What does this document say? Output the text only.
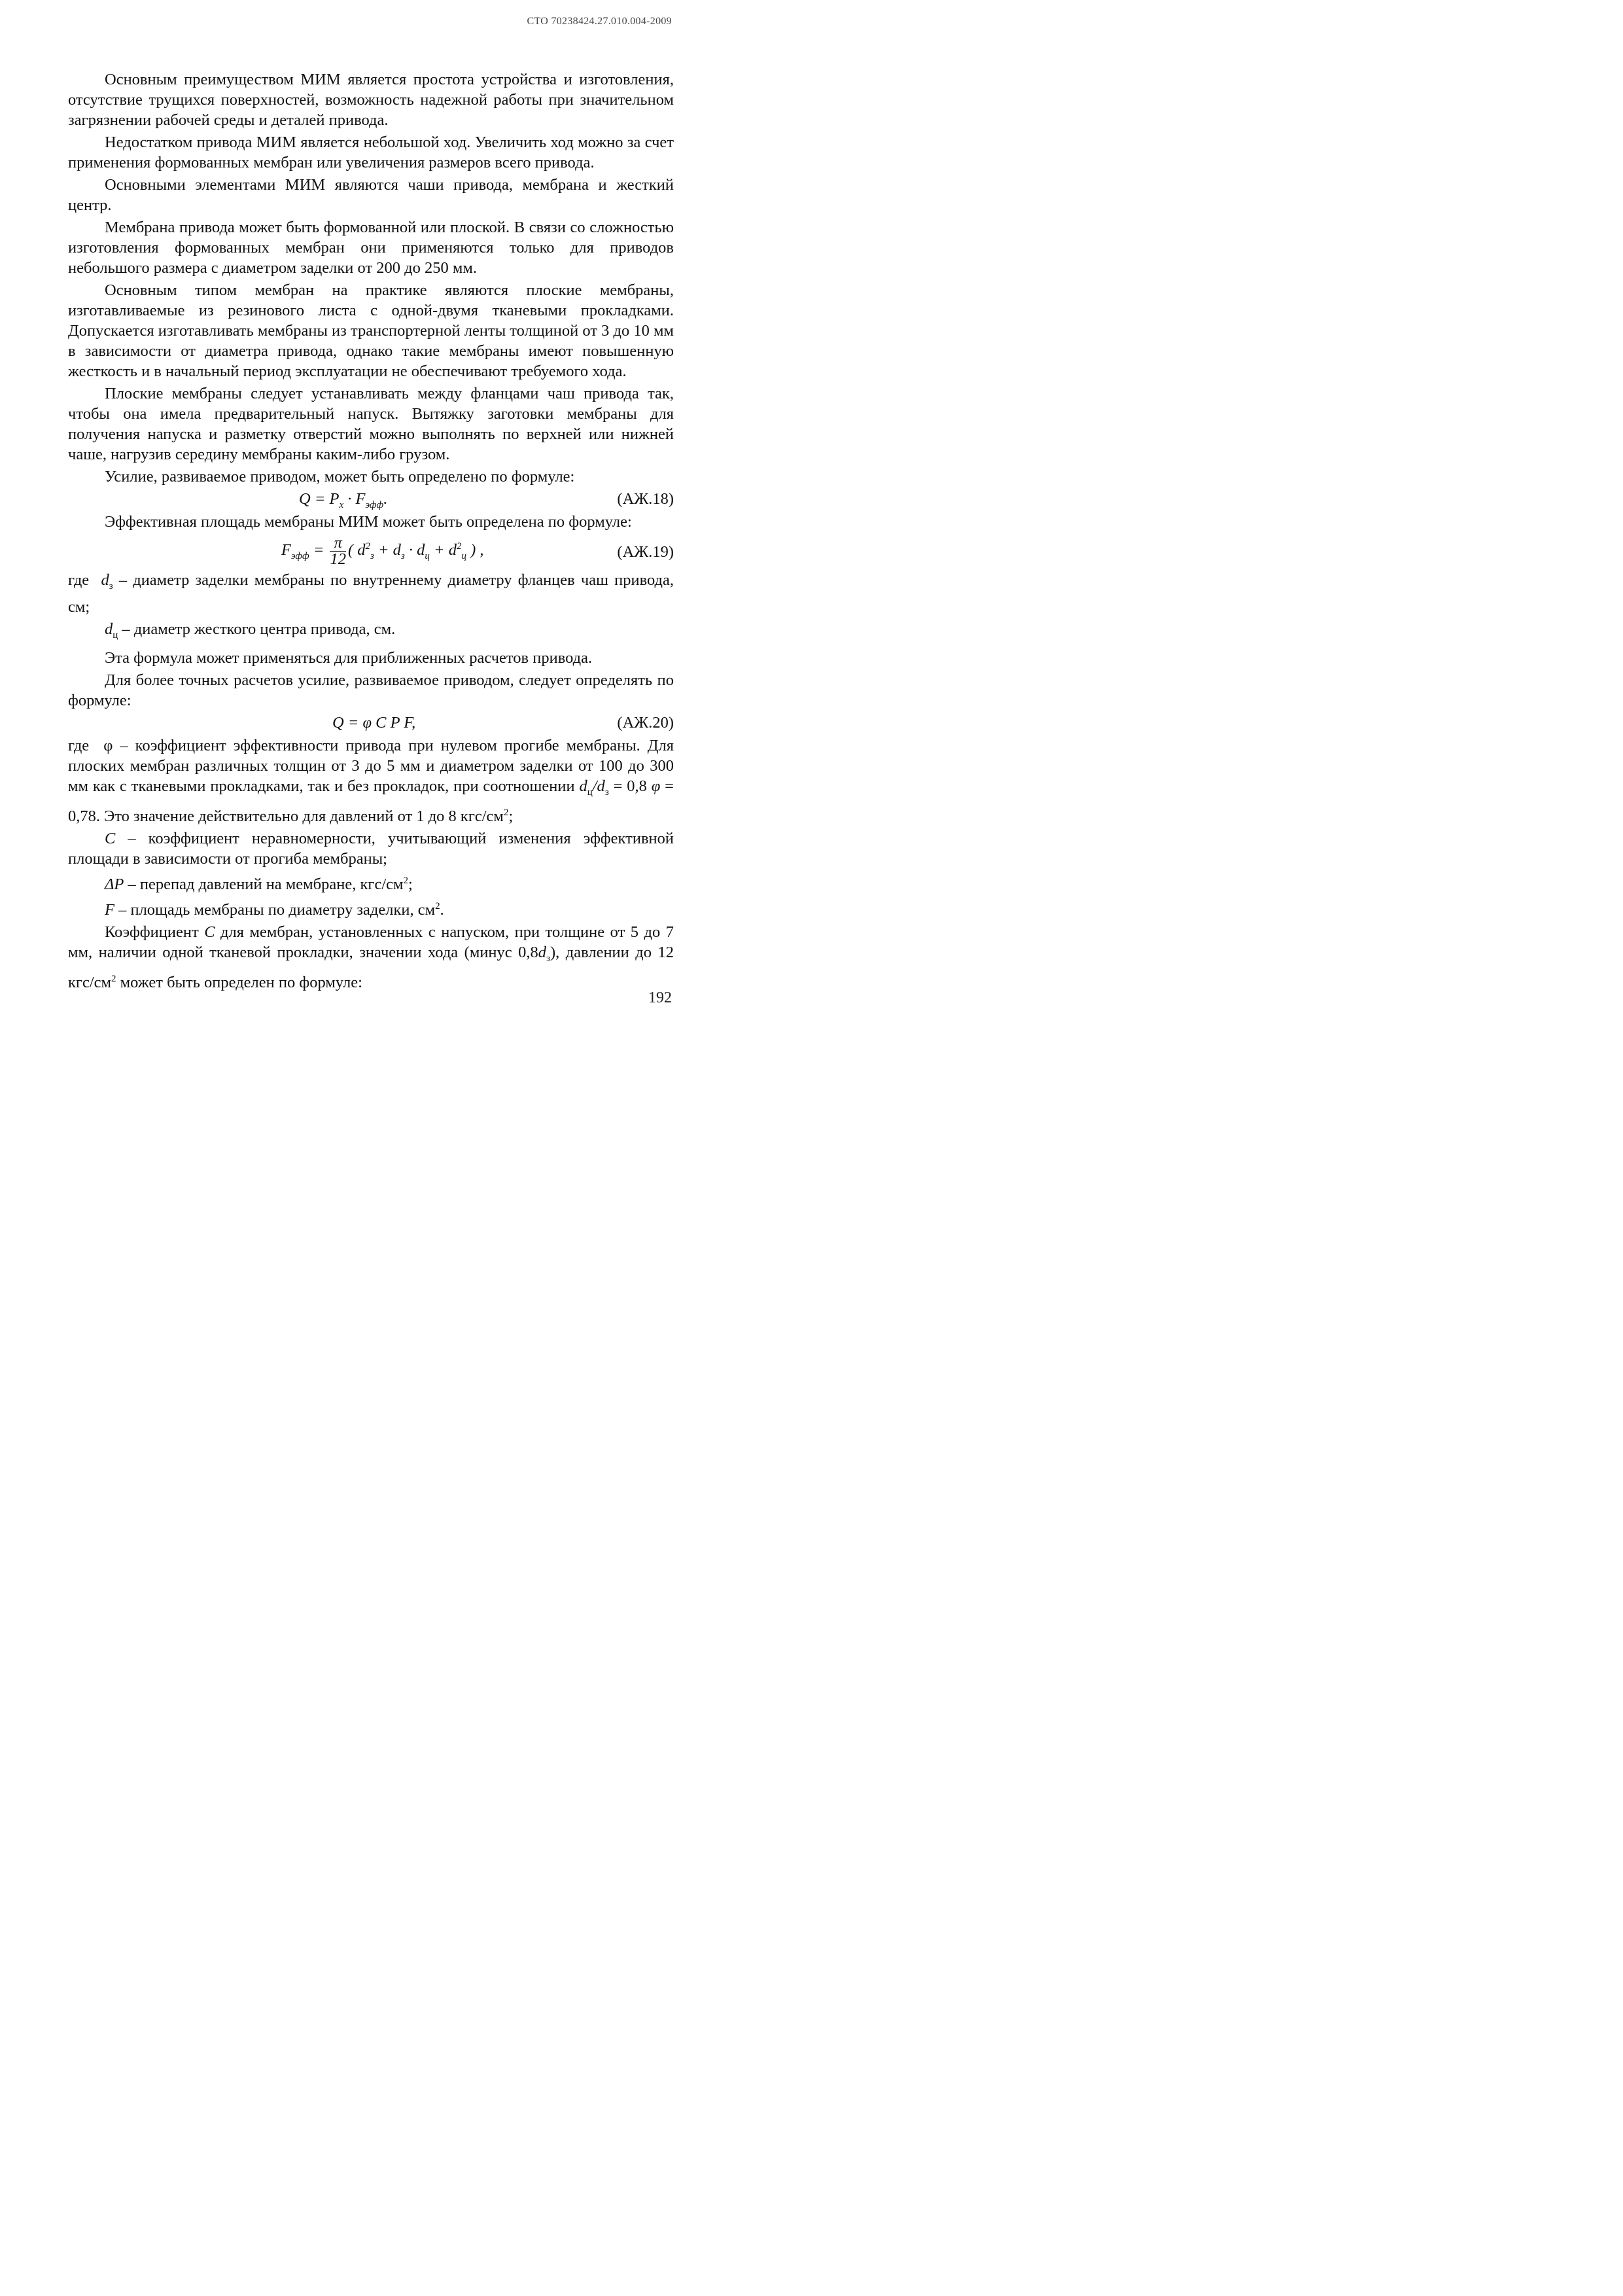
СТО 70238424.27.010.004-2009

Основным преимуществом МИМ является простота устройства и изготовления, отсутствие трущихся поверхностей, возможность надежной работы при значительном загрязнении рабочей среды и деталей привода.

Недостатком привода МИМ является небольшой ход. Увеличить ход можно за счет применения формованных мембран или увеличения размеров всего привода.

Основными элементами МИМ являются чаши привода, мембрана и жесткий центр.

Мембрана привода может быть формованной или плоской. В связи со сложностью изготовления формованных мембран они применяются только для приводов небольшого размера с диаметром заделки от 200 до 250 мм.

Основным типом мембран на практике являются плоские мембраны, изготавливаемые из резинового листа с одной-двумя тканевыми прокладками. Допускается изготавливать мембраны из транспортерной ленты толщиной от 3 до 10 мм в зависимости от диаметра привода, однако такие мембраны имеют повышенную жесткость и в начальный период эксплуатации не обеспечивают требуемого хода.

Плоские мембраны следует устанавливать между фланцами чаш привода так, чтобы она имела предварительный напуск. Вытяжку заготовки мембраны для получения напуска и разметку отверстий можно выполнять по верхней или нижней чаше, нагрузив середину мембраны каким-либо грузом.

Усилие, развиваемое приводом, может быть определено по формуле:

$Q = P_x \cdot F_{эфф}$.	(АЖ.18)

Эффективная площадь мембраны МИМ может быть определена по формуле:

$F_{эфф} = \frac{\pi}{12}$ ( $d^2_з + d_з \cdot d_ц + d^2_ц$ ) ,	(АЖ.19)

где $d_з$ – диаметр заделки мембраны по внутреннему диаметру фланцев чаш привода, см;

$d_ц$ – диаметр жесткого центра привода, см.

Эта формула может применяться для приближенных расчетов привода.

Для более точных расчетов усилие, развиваемое приводом, следует определять по формуле:

Q = φ C P F,	(АЖ.20)

где φ – коэффициент эффективности привода при нулевом прогибе мембраны. Для плоских мембран различных толщин от 3 до 5 мм и диаметром заделки от 100 до 300 мм как с тканевыми прокладками, так и без прокладок, при соотношении $d_ц/d_з = 0,8$ φ = 0,78. Это значение действительно для давлений от 1 до 8 кгс/$см^2$;

C – коэффициент неравномерности, учитывающий изменения эффективной площади в зависимости от прогиба мембраны;

ΔP – перепад давлений на мембране, кгс/$см^2$;

F – площадь мембраны по диаметру заделки, $см^2$.

Коэффициент C для мембран, установленных с напуском, при толщине от 5 до 7 мм, наличии одной тканевой прокладки, значении хода (минус $0,8d_з$), давлении до 12 кгс/$см^2$ может быть определен по формуле:

192
